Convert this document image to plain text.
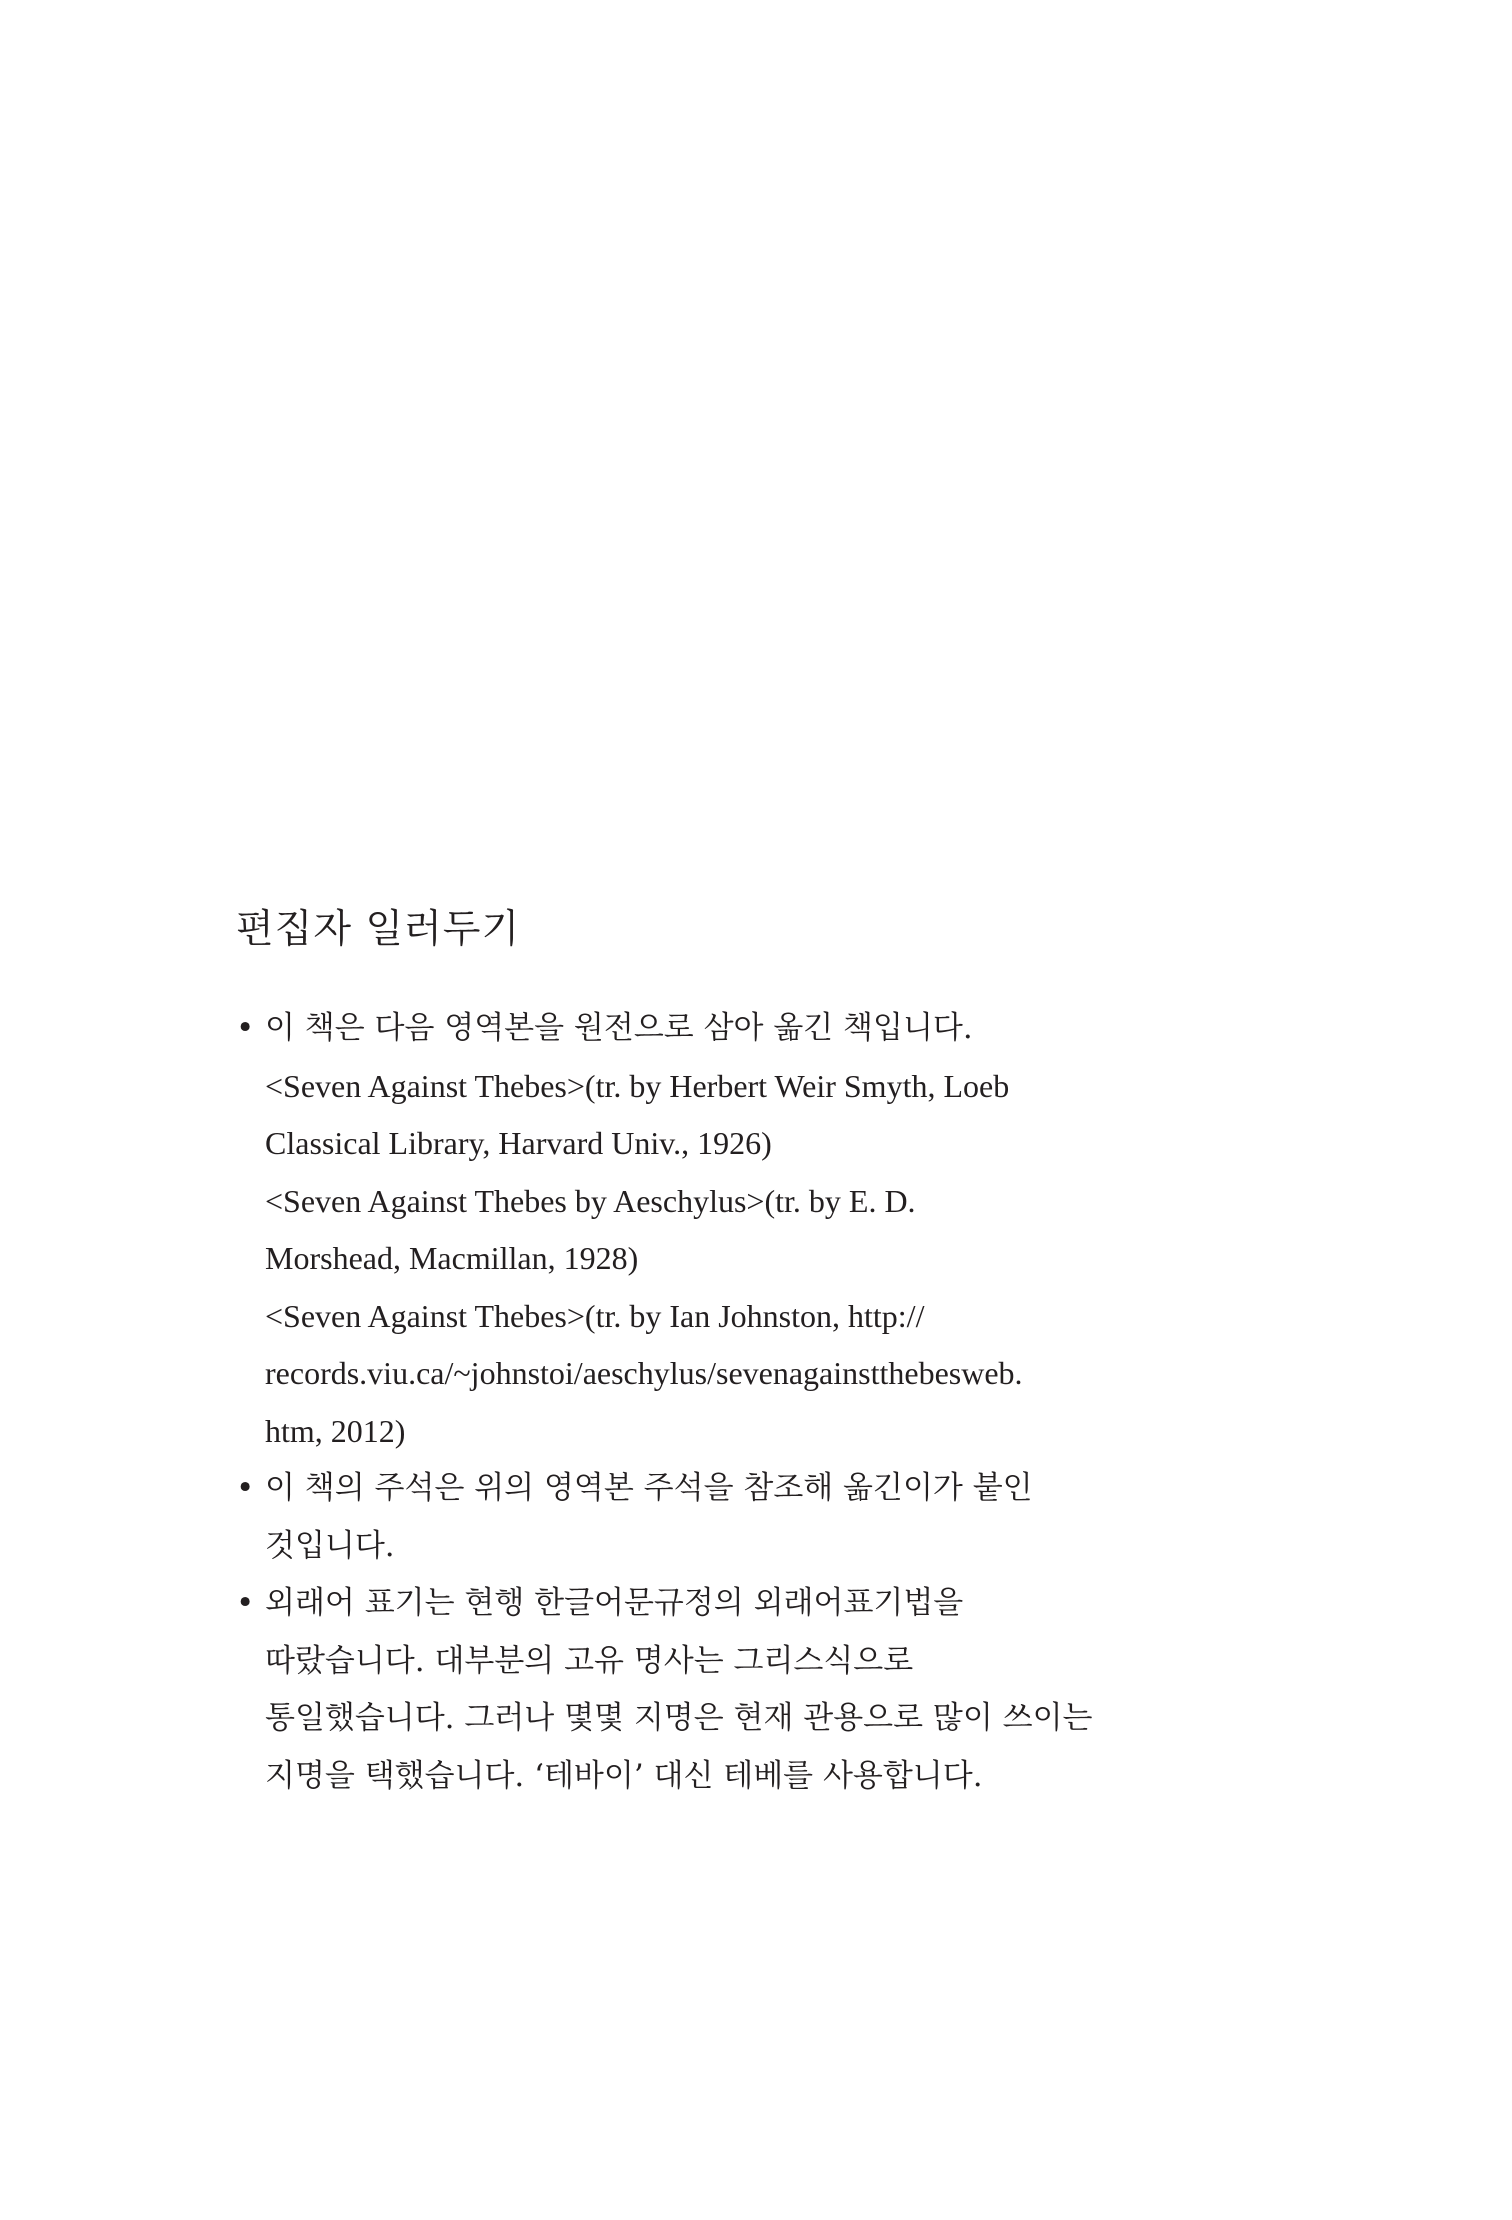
편집자 일러두기
• 이 책은 다음 영역본을 원전으로 삼아 옮긴 책입니다.
<Seven Against Thebes>(tr. by Herbert Weir Smyth, Loeb
Classical Library, Harvard Univ., 1926)
<Seven Against Thebes by Aeschylus>(tr. by E. D.
Morshead, Macmillan, 1928)
<Seven Against Thebes>(tr. by Ian Johnston, http://
records.viu.ca/~johnstoi/aeschylus/sevenagainstthebesweb.
htm, 2012)
• 이 책의 주석은 위의 영역본 주석을 참조해 옮긴이가 붙인
것입니다.
• 외래어 표기는 현행 한글어문규정의 외래어표기법을
따랐습니다. 대부분의 고유 명사는 그리스식으로
통일했습니다. 그러나 몇몇 지명은 현재 관용으로 많이 쓰이는
지명을 택했습니다. ‘테바이’ 대신 테베를 사용합니다.
